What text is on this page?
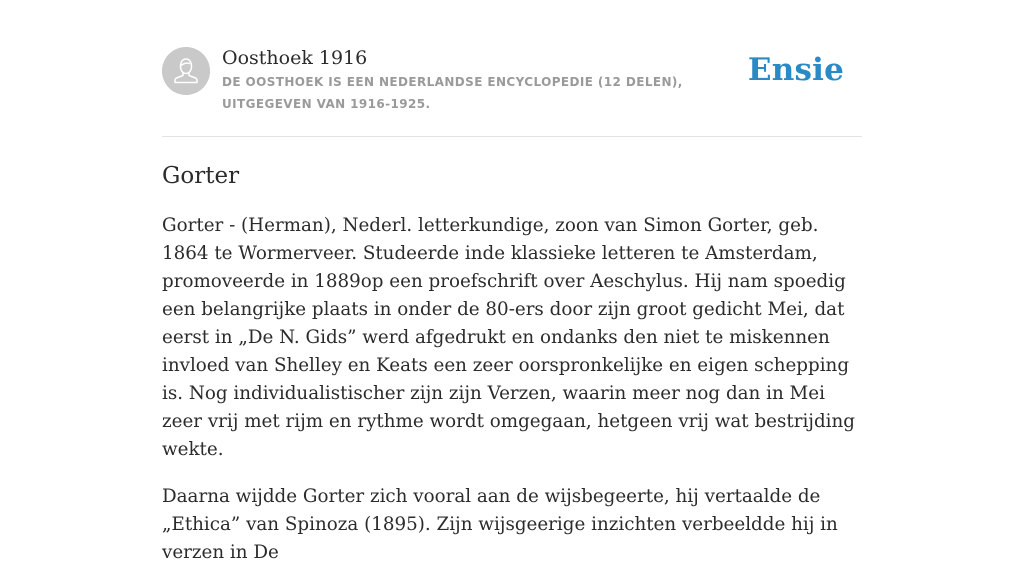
Oosthoek 1916
DE OOSTHOEK IS EEN NEDERLANDSE ENCYCLOPEDIE (12 DELEN), UITGEGEVEN VAN 1916-1925.
Ensie
Gorter

Gorter - (Herman), Nederl. letterkundige, zoon van Simon Gorter, geb. 1864 te Wormerveer. Studeerde inde klassieke letteren te Amsterdam, promoveerde in 1889op een proefschrift over Aeschylus. Hij nam spoedig een belangrijke plaats in onder de 80-ers door zijn groot gedicht Mei, dat eerst in „De N. Gids” werd afgedrukt en ondanks den niet te miskennen invloed van Shelley en Keats een zeer oorspronkelijke en eigen schepping is. Nog individualistischer zijn zijn Verzen, waarin meer nog dan in Mei zeer vrij met rijm en rythme wordt omgegaan, hetgeen vrij wat bestrijding wekte.

Daarna wijdde Gorter zich vooral aan de wijsbegeerte, hij vertaalde de „Ethica” van Spinoza (1895). Zijn wijsgeerige inzichten verbeeldde hij in verzen in De
